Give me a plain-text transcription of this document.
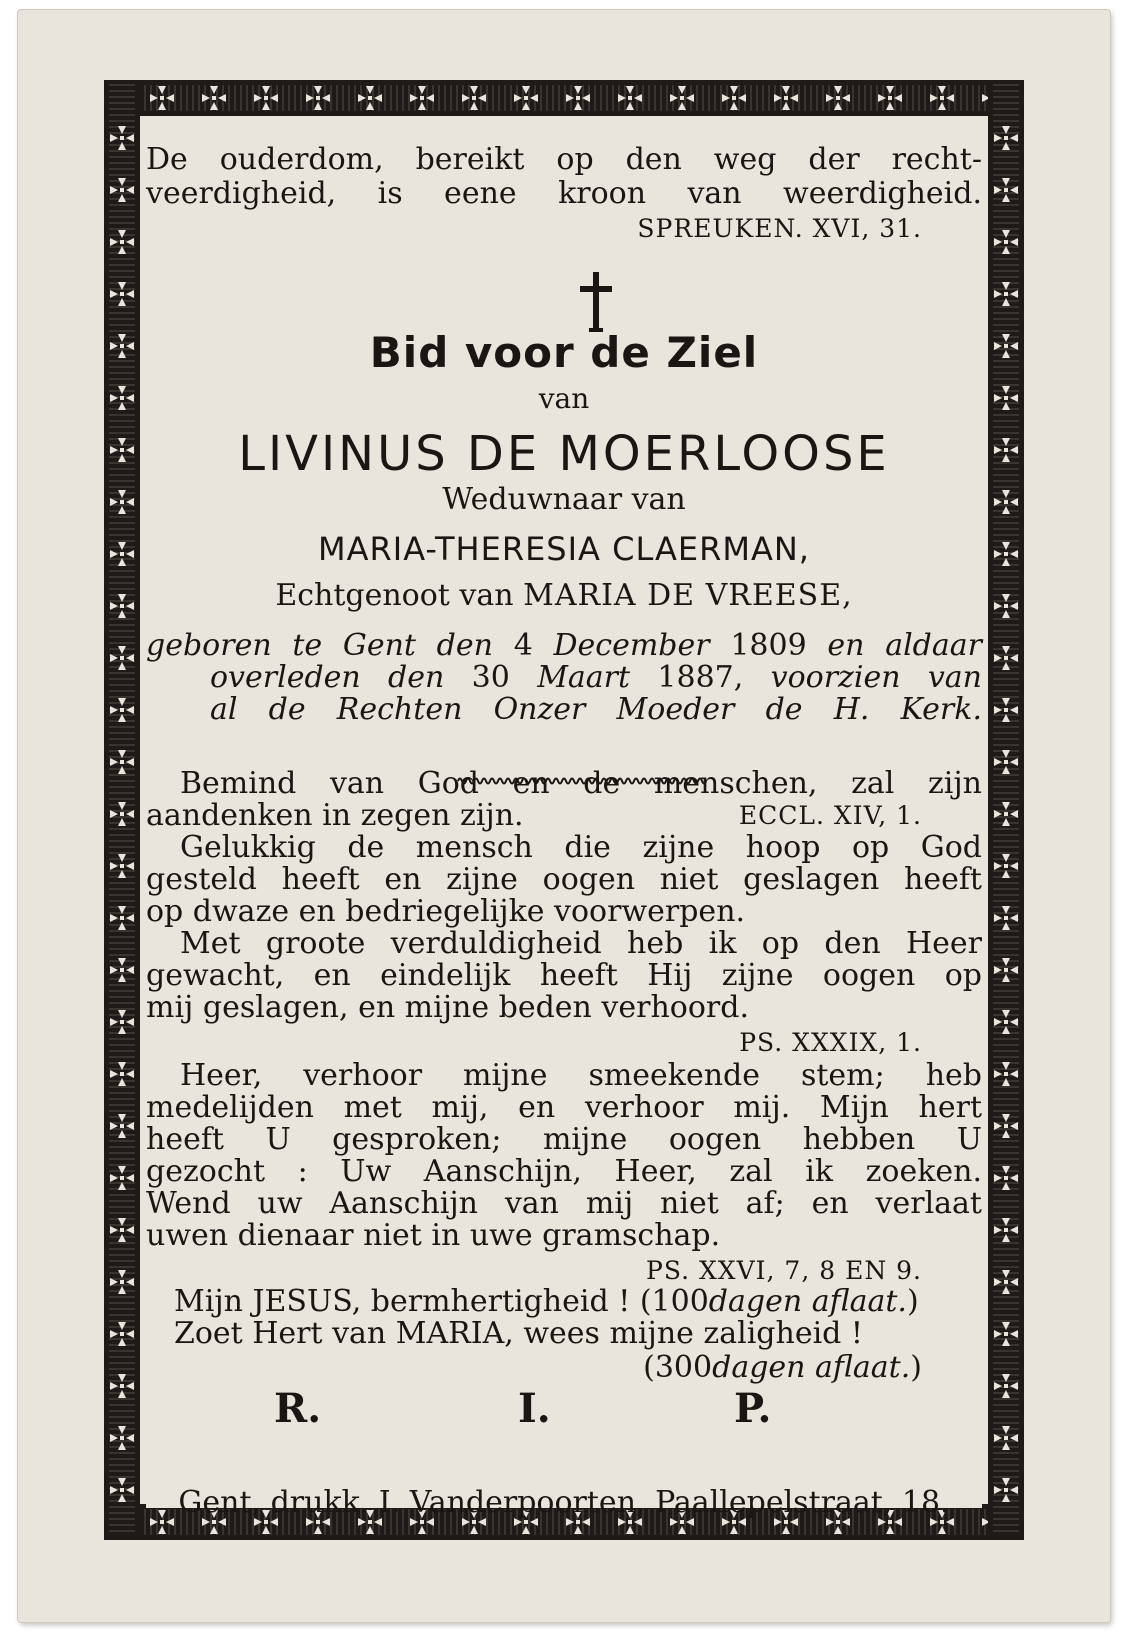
De ouderdom, bereikt op den weg der recht-
veerdigheid, is eene kroon van weerdigheid.
SPREUKEN. XVI, 31.
Bid voor de Ziel
van
LIVINUS DE MOERLOOSE
Weduwnaar van
MARIA-THERESIA CLAERMAN,
Echtgenoot van MARIA DE VREESE,
geboren te Gent den 4 December 1809 en aldaar
overleden den 30 Maart 1887, voorzien van
al de Rechten Onzer Moeder de H. Kerk.
Bemind van God en de menschen, zal zijn
aandenken in zegen zijn.	ECCL. XIV, 1.
Gelukkig de mensch die zijne hoop op God
gesteld heeft en zijne oogen niet geslagen heeft
op dwaze en bedriegelijke voorwerpen.
Met groote verduldigheid heb ik op den Heer
gewacht, en eindelijk heeft Hij zijne oogen op
mij geslagen, en mijne beden verhoord.
PS. XXXIX, 1.
Heer, verhoor mijne smeekende stem; heb
medelijden met mij, en verhoor mij. Mijn hert
heeft U gesproken; mijne oogen hebben U
gezocht : Uw Aanschijn, Heer, zal ik zoeken.
Wend uw Aanschijn van mij niet af; en verlaat
uwen dienaar niet in uwe gramschap.
PS. XXVI, 7, 8 EN 9.
Mijn JESUS, bermhertigheid ! (100dagen aflaat.)
Zoet Hert van MARIA, wees mijne zaligheid !
(300dagen aflaat.)
R.	I.	P.
Gent, drukk. I. Vanderpoorten, Paallepelstraat, 18.
